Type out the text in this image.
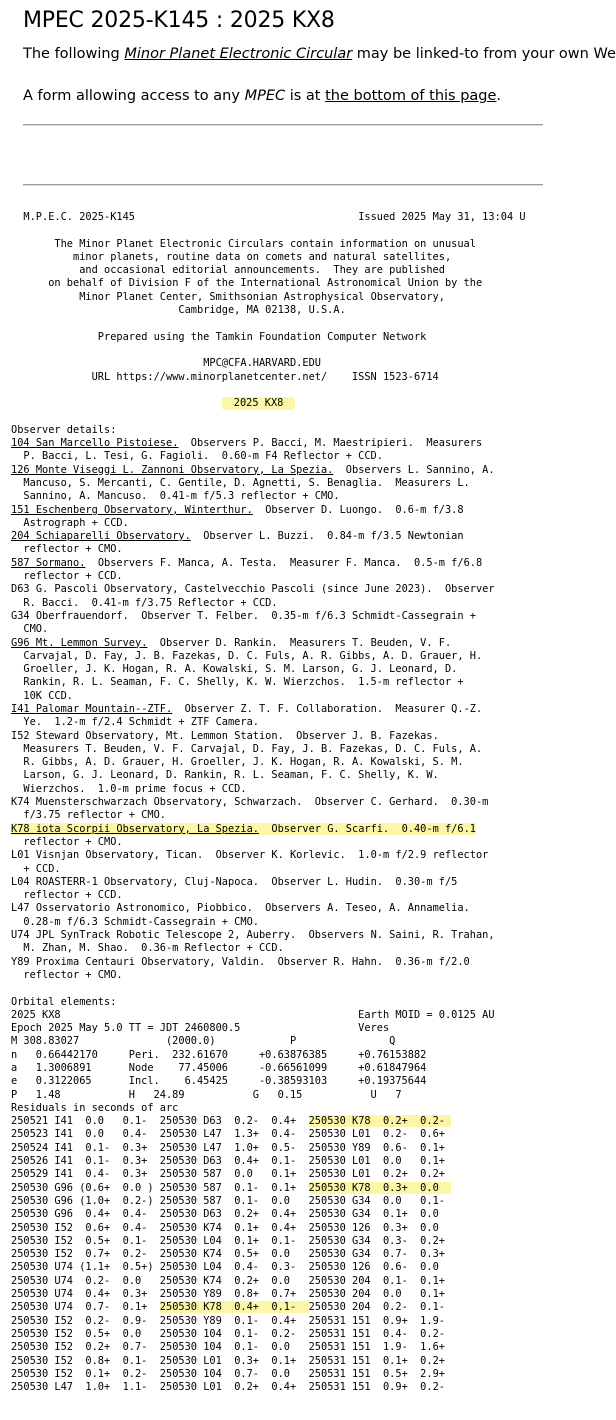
MPEC 2025-K145 : 2025 KX8

The following Minor Planet Electronic Circular may be linked-to from your own We

A form allowing access to any MPEC is at the bottom of this page.

M.P.E.C. 2025-K145	Issued 2025 May 31, 13:04 U
The Minor Planet Electronic Circulars contain information on unusual
minor planets, routine data on comets and natural satellites,
and occasional editorial announcements.  They are published
on behalf of Division F of the International Astronomical Union by the
Minor Planet Center, Smithsonian Astrophysical Observatory,
Cambridge, MA 02138, U.S.A.
Prepared using the Tamkin Foundation Computer Network
MPC@CFA.HARVARD.EDU
URL https://www.minorplanetcenter.net/    ISSN 1523-6714
2025 KX8
Observer details:
104 San Marcello Pistoiese.  Observers P. Bacci, M. Maestripieri.  Measurers
P. Bacci, L. Tesi, G. Fagioli.  0.60-m F4 Reflector + CCD.
126 Monte Viseggi L. Zannoni Observatory, La Spezia.  Observers L. Sannino, A.
Mancuso, S. Mercanti, C. Gentile, D. Agnetti, S. Benaglia.  Measurers L.
Sannino, A. Mancuso.  0.41-m f/5.3 reflector + CMO.
151 Eschenberg Observatory, Winterthur.  Observer D. Luongo.  0.6-m f/3.8
Astrograph + CCD.
204 Schiaparelli Observatory.  Observer L. Buzzi.  0.84-m f/3.5 Newtonian
reflector + CMO.
587 Sormano.  Observers F. Manca, A. Testa.  Measurer F. Manca.  0.5-m f/6.8
reflector + CCD.
D63 G. Pascoli Observatory, Castelvecchio Pascoli (since June 2023).  Observer
R. Bacci.  0.41-m f/3.75 Reflector + CCD.
G34 Oberfrauendorf.  Observer T. Felber.  0.35-m f/6.3 Schmidt-Cassegrain +
CMO.
G96 Mt. Lemmon Survey.  Observer D. Rankin.  Measurers T. Beuden, V. F.
Carvajal, D. Fay, J. B. Fazekas, D. C. Fuls, A. R. Gibbs, A. D. Grauer, H.
Groeller, J. K. Hogan, R. A. Kowalski, S. M. Larson, G. J. Leonard, D.
Rankin, R. L. Seaman, F. C. Shelly, K. W. Wierzchos.  1.5-m reflector +
10K CCD.
I41 Palomar Mountain--ZTF.  Observer Z. T. F. Collaboration.  Measurer Q.-Z.
Ye.  1.2-m f/2.4 Schmidt + ZTF Camera.
I52 Steward Observatory, Mt. Lemmon Station.  Observer J. B. Fazekas.
Measurers T. Beuden, V. F. Carvajal, D. Fay, J. B. Fazekas, D. C. Fuls, A.
R. Gibbs, A. D. Grauer, H. Groeller, J. K. Hogan, R. A. Kowalski, S. M.
Larson, G. J. Leonard, D. Rankin, R. L. Seaman, F. C. Shelly, K. W.
Wierzchos.  1.0-m prime focus + CCD.
K74 Muensterschwarzach Observatory, Schwarzach.  Observer C. Gerhard.  0.30-m
f/3.75 reflector + CMO.
K78 iota Scorpii Observatory, La Spezia.  Observer G. Scarfi.  0.40-m f/6.1
reflector + CMO.
L01 Visnjan Observatory, Tican.  Observer K. Korlevic.  1.0-m f/2.9 reflector
+ CCD.
L04 ROASTERR-1 Observatory, Cluj-Napoca.  Observer L. Hudin.  0.30-m f/5
reflector + CCD.
L47 Osservatorio Astronomico, Piobbico.  Observers A. Teseo, A. Annamelia.
0.28-m f/6.3 Schmidt-Cassegrain + CMO.
U74 JPL SynTrack Robotic Telescope 2, Auberry.  Observers N. Saini, R. Trahan,
M. Zhan, M. Shao.  0.36-m Reflector + CCD.
Y89 Proxima Centauri Observatory, Valdin.  Observer R. Hahn.  0.36-m f/2.0
reflector + CMO.
Orbital elements:
2025 KX8                                                Earth MOID = 0.0125 AU
Epoch 2025 May 5.0 TT = JDT 2460800.5                   Veres
M 308.83027              (2000.0)            P               Q
n   0.66442170     Peri.  232.61670     +0.63876385     +0.76153882
a   1.3006891      Node    77.45006     -0.66561099     +0.61847964
e   0.3122065      Incl.    6.45425     -0.38593103     +0.19375644
P   1.48           H   24.89           G   0.15           U   7
Residuals in seconds of arc
250521 I41  0.0   0.1-  250530 D63  0.2-  0.4+  250530 K78  0.2+  0.2-
250523 I41  0.0   0.4-  250530 L47  1.3+  0.4-  250530 L01  0.2-  0.6+
250524 I41  0.1-  0.3+  250530 L47  1.0+  0.5-  250530 Y89  0.6-  0.1+
250526 I41  0.1-  0.3+  250530 D63  0.4+  0.1-  250530 L01  0.0   0.1+
250529 I41  0.4-  0.3+  250530 587  0.0   0.1+  250530 L01  0.2+  0.2+
250530 G96 (0.6+  0.0 ) 250530 587  0.1-  0.1+  250530 K78  0.3+  0.0
250530 G96 (1.0+  0.2-) 250530 587  0.1-  0.0   250530 G34  0.0   0.1-
250530 G96  0.4+  0.4-  250530 D63  0.2+  0.4+  250530 G34  0.1+  0.0
250530 I52  0.6+  0.4-  250530 K74  0.1+  0.4+  250530 126  0.3+  0.0
250530 I52  0.5+  0.1-  250530 L04  0.1+  0.1-  250530 G34  0.3-  0.2+
250530 I52  0.7+  0.2-  250530 K74  0.5+  0.0   250530 G34  0.7-  0.3+
250530 U74 (1.1+  0.5+) 250530 L04  0.4-  0.3-  250530 126  0.6-  0.0
250530 U74  0.2-  0.0   250530 K74  0.2+  0.0   250530 204  0.1-  0.1+
250530 U74  0.4+  0.3+  250530 Y89  0.8+  0.7+  250530 204  0.0   0.1+
250530 U74  0.7-  0.1+  250530 K78  0.4+  0.1-  250530 204  0.2-  0.1-
250530 I52  0.2-  0.9-  250530 Y89  0.1-  0.4+  250531 151  0.9+  1.9-
250530 I52  0.5+  0.0   250530 104  0.1-  0.2-  250531 151  0.4-  0.2-
250530 I52  0.2+  0.7-  250530 104  0.1-  0.0   250531 151  1.9-  1.6+
250530 I52  0.8+  0.1-  250530 L01  0.3+  0.1+  250531 151  0.1+  0.2+
250530 I52  0.1+  0.2-  250530 104  0.7-  0.0   250531 151  0.5+  2.9+
250530 L47  1.0+  1.1-  250530 L01  0.2+  0.4+  250531 151  0.9+  0.2-
